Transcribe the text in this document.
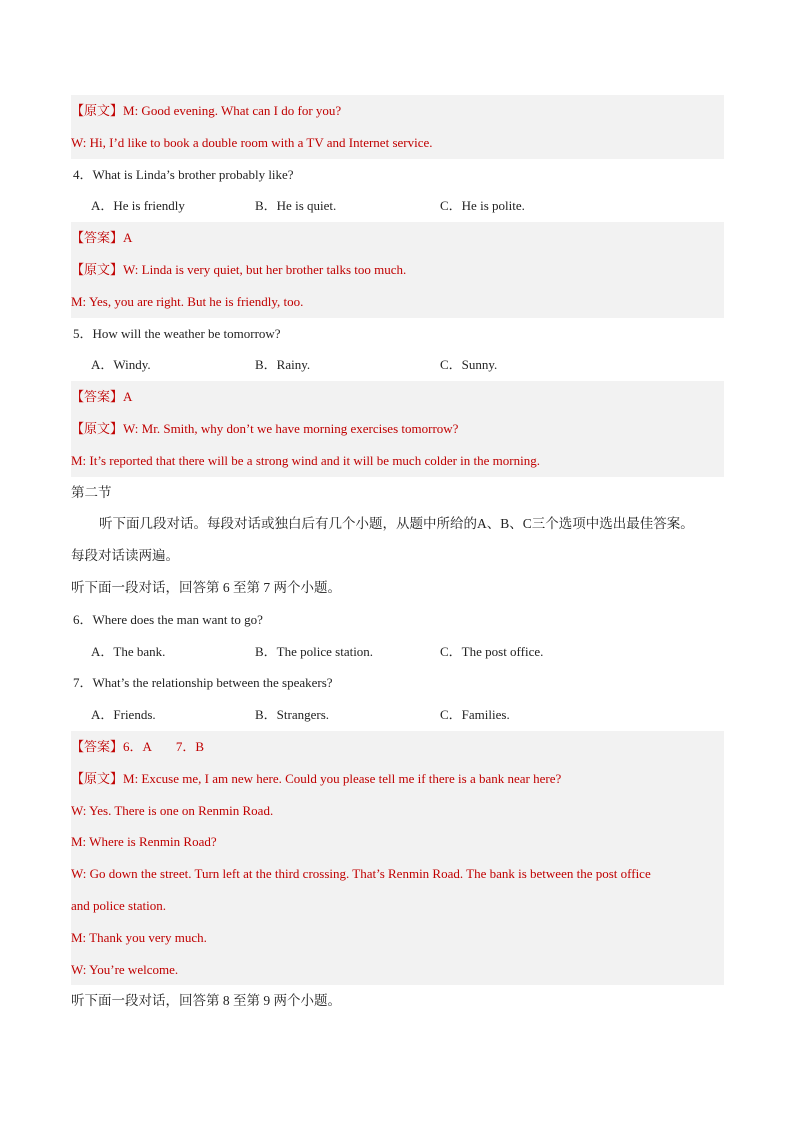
【原文】M: Good evening. What can I do for you?
W: Hi, I’d like to book a double room with a TV and Internet service.
4．What is Linda’s brother probably like?
A．He is friendly	B．He is quiet.	C．He is polite.
【答案】A
【原文】W: Linda is very quiet, but her brother talks too much.
M: Yes, you are right. But he is friendly, too.
5．How will the weather be tomorrow?
A．Windy.	B．Rainy.	C．Sunny.
【答案】A
【原文】W: Mr. Smith, why don’t we have morning exercises tomorrow?
M: It’s reported that there will be a strong wind and it will be much colder in the morning.
第二节
听下面几段对话。每段对话或独白后有几个小题，从题中所给的A、B、C三个选项中选出最佳答案。
每段对话读两遍。
听下面一段对话，回答第 6 至第 7 两个小题。
6．Where does the man want to go?
A．The bank.	B．The police station.	C．The post office.
7．What’s the relationship between the speakers?
A．Friends.	B．Strangers.	C．Families.
【答案】6．A 7．B
【原文】M: Excuse me, I am new here. Could you please tell me if there is a bank near here?
W: Yes. There is one on Renmin Road.
M: Where is Renmin Road?
W: Go down the street. Turn left at the third crossing. That’s Renmin Road. The bank is between the post office
and police station.
M: Thank you very much.
W: You’re welcome.
听下面一段对话，回答第 8 至第 9 两个小题。
